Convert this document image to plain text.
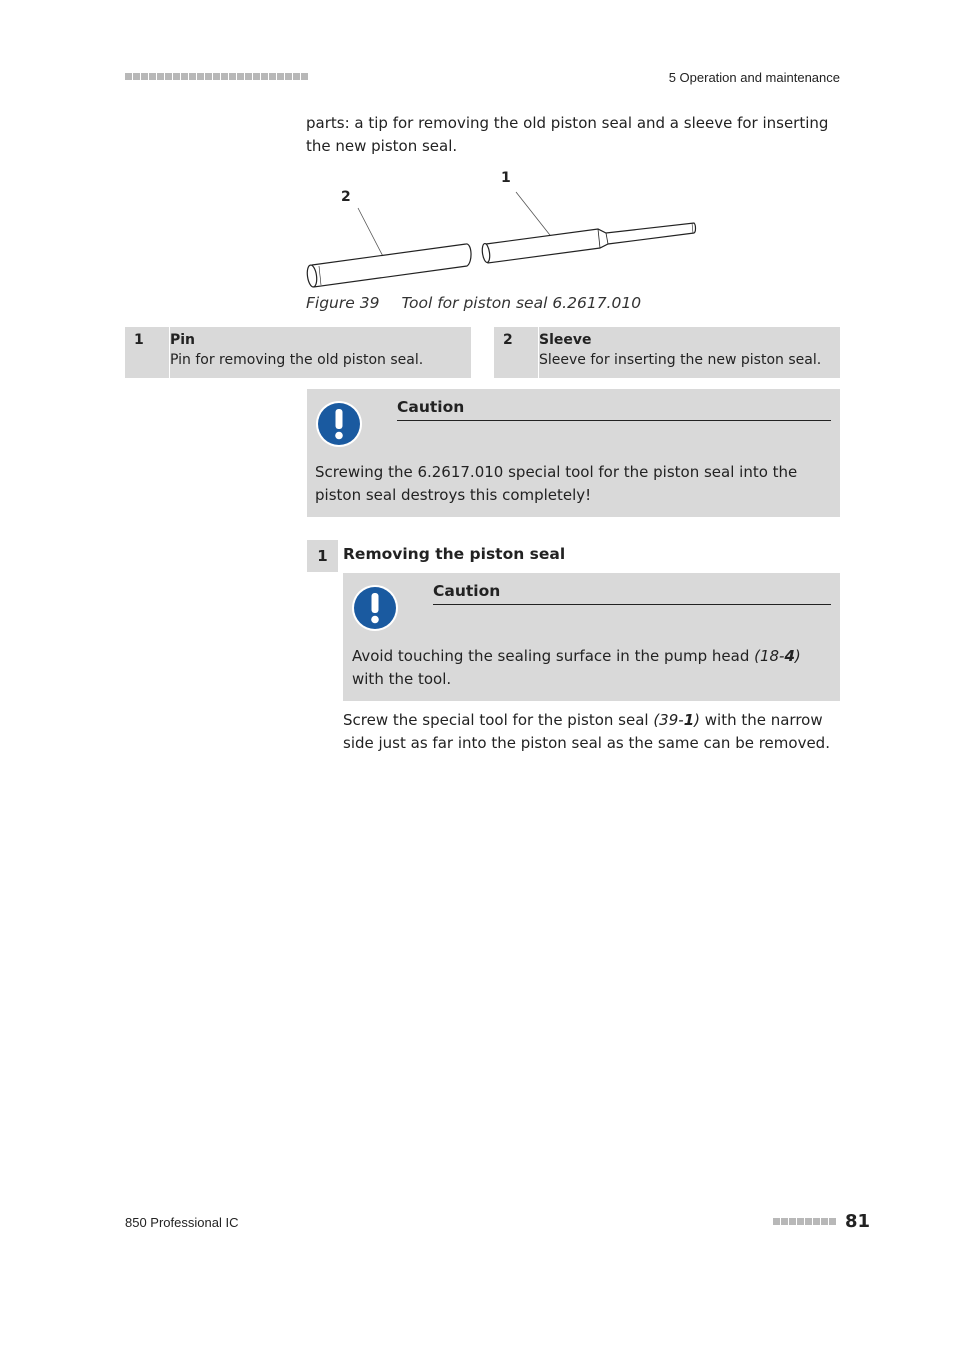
5 Operation and maintenance
parts: a tip for removing the old piston seal and a sleeve for inserting the new piston seal.
1
2
Figure 39 Tool for piston seal 6.2617.010
1 Pin
Pin for removing the old piston seal.
2 Sleeve
Sleeve for inserting the new piston seal.
Caution
Screwing the 6.2617.010 special tool for the piston seal into the piston seal destroys this completely!
1 Removing the piston seal
Caution
Avoid touching the sealing surface in the pump head (18-4) with the tool.
Screw the special tool for the piston seal (39-1) with the narrow side just as far into the piston seal as the same can be removed.
850 Professional IC	81
